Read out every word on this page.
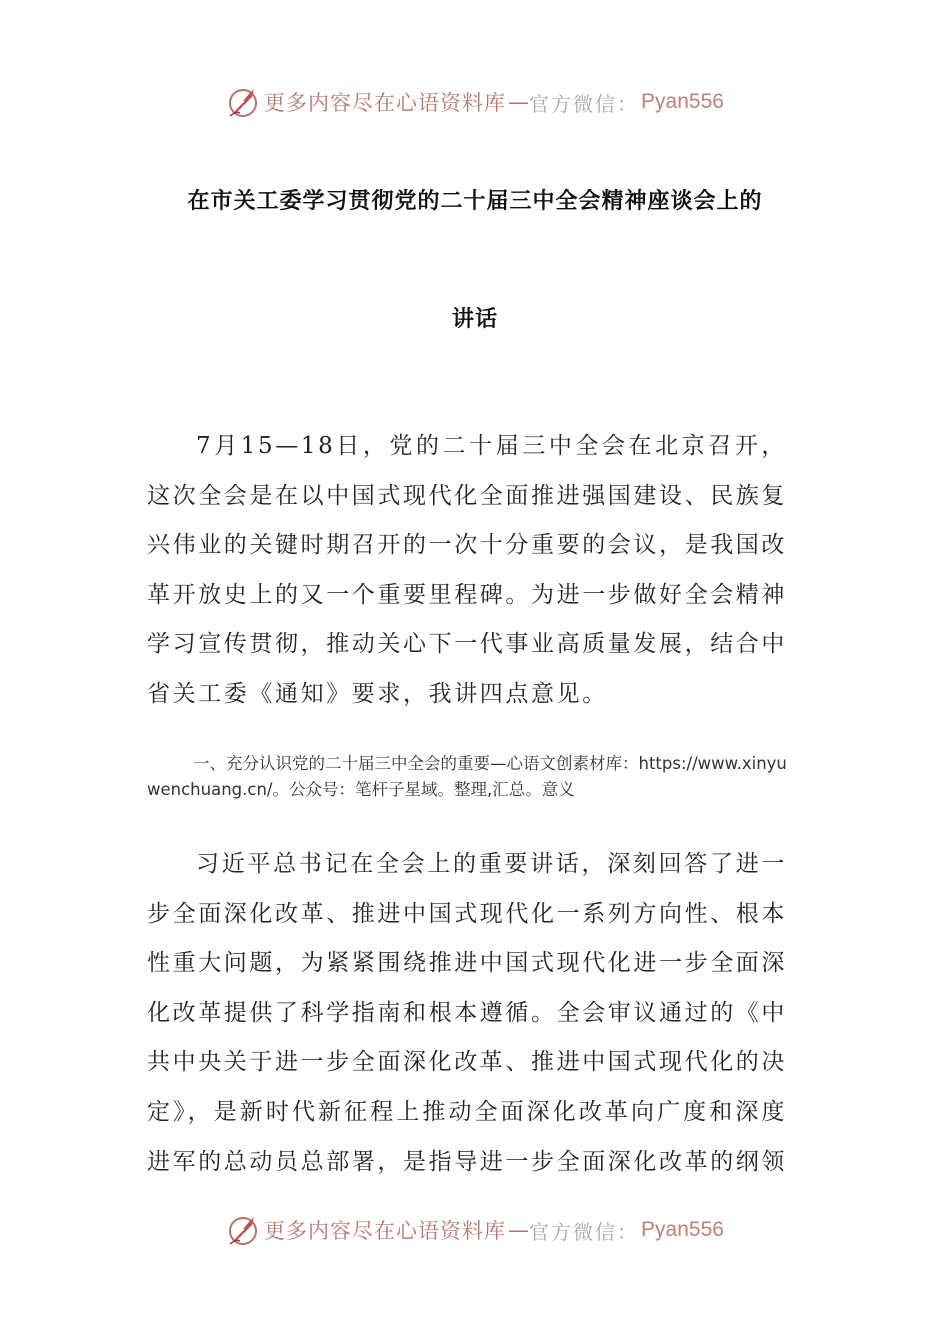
更多内容尽在心语资料库 — 官方微信： Pyan556
在市关工委学习贯彻党的二十届三中全会精神座谈会上的
讲话
7月15—18日，党的二十届三中全会在北京召开，这次全会是在以中国式现代化全面推进强国建设、民族复兴伟业的关键时期召开的一次十分重要的会议，是我国改革开放史上的又一个重要里程碑。为进一步做好全会精神学习宣传贯彻，推动关心下一代事业高质量发展，结合中省关工委《通知》要求，我讲四点意见。
一、充分认识党的二十届三中全会的重要—心语文创素材库：https://www.xinyuwenchuang.cn/。公众号：笔杆子星域。整理,汇总。意义
习近平总书记在全会上的重要讲话，深刻回答了进一步全面深化改革、推进中国式现代化一系列方向性、根本性重大问题，为紧紧围绕推进中国式现代化进一步全面深化改革提供了科学指南和根本遵循。全会审议通过的《中共中央关于进一步全面深化改革、推进中国式现代化的决定》，是新时代新征程上推动全面深化改革向广度和深度进军的总动员总部署，是指导进一步全面深化改革的纲领
更多内容尽在心语资料库 — 官方微信： Pyan556
